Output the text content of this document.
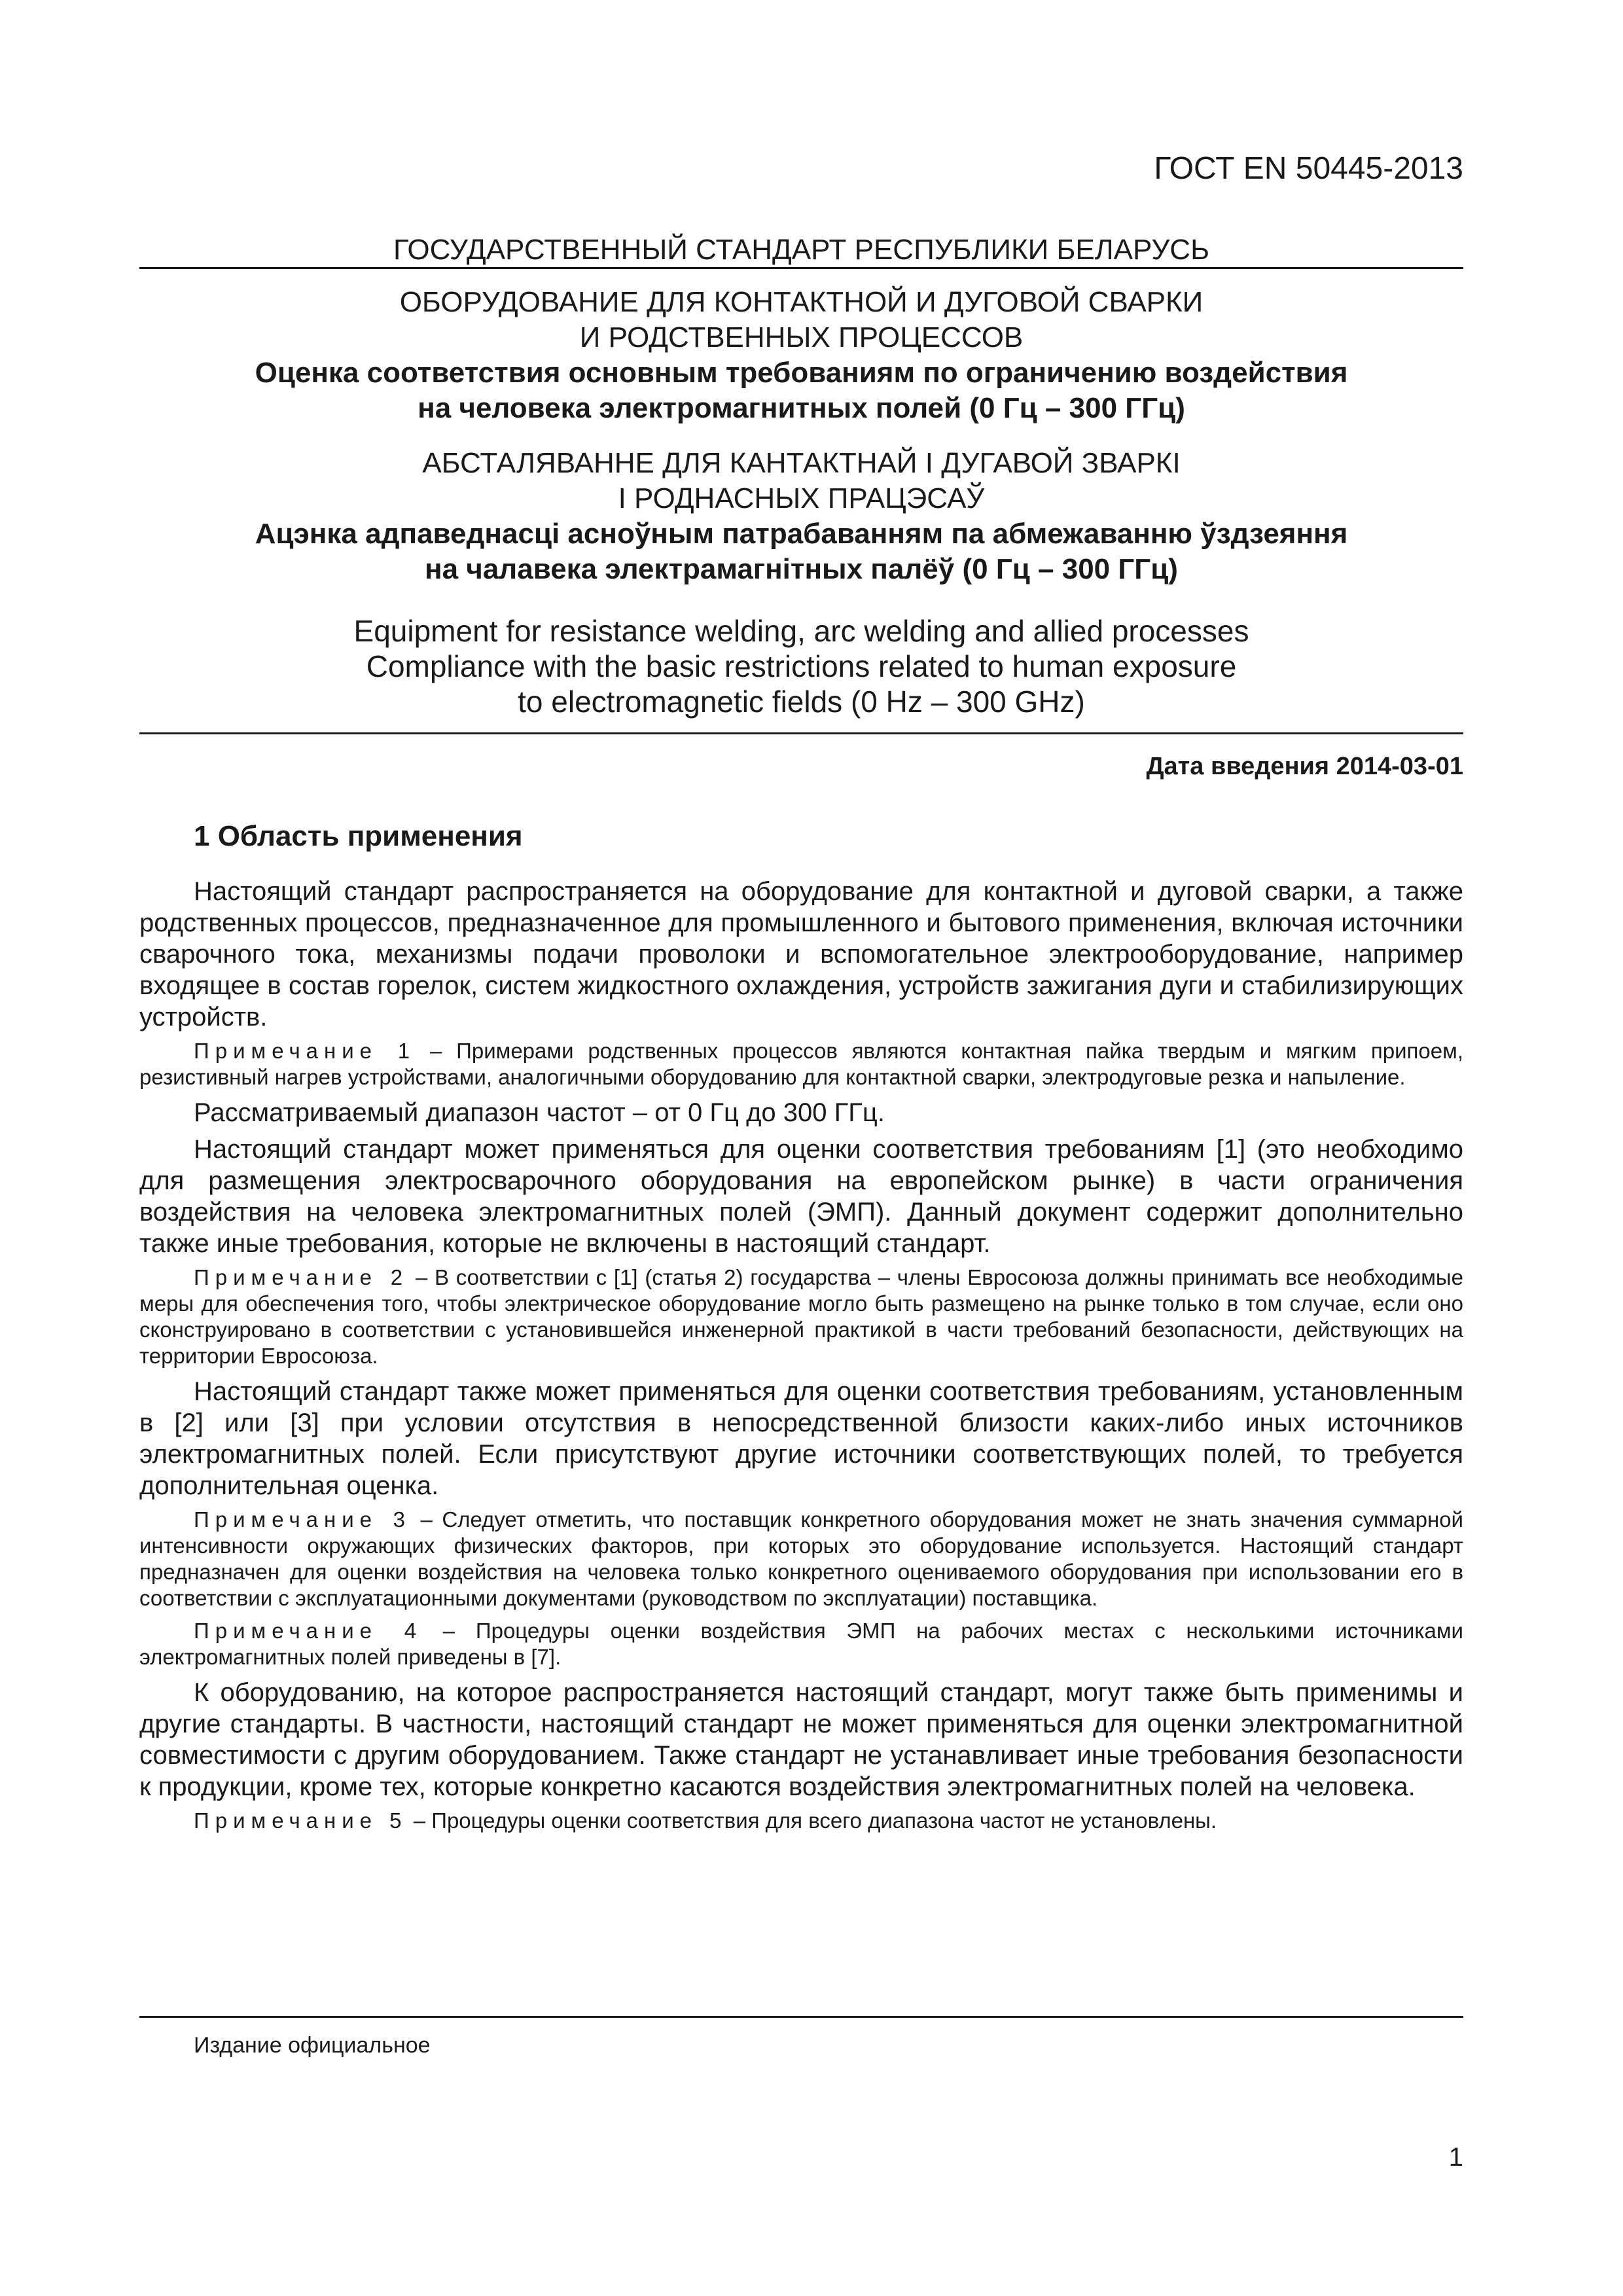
ГОСТ EN 50445-2013
ГОСУДАРСТВЕННЫЙ СТАНДАРТ РЕСПУБЛИКИ БЕЛАРУСЬ
ОБОРУДОВАНИЕ ДЛЯ КОНТАКТНОЙ И ДУГОВОЙ СВАРКИ
И РОДСТВЕННЫХ ПРОЦЕССОВ
Оценка соответствия основным требованиям по ограничению воздействия
на человека электромагнитных полей (0 Гц – 300 ГГц)
АБСТАЛЯВАННЕ ДЛЯ КАНТАКТНАЙ І ДУГАВОЙ ЗВАРКІ
І РОДНАСНЫХ ПРАЦЭСАЎ
Ацэнка адпаведнасці асноўным патрабаванням па абмежаванню ўздзеяння
на чалавека электрамагнітных палёў (0 Гц – 300 ГГц)
Equipment for resistance welding, arc welding and allied processes
Compliance with the basic restrictions related to human exposure
to electromagnetic fields (0 Hz – 300 GHz)
Дата введения 2014-03-01
1 Область применения

Настоящий стандарт распространяется на оборудование для контактной и дуговой сварки, а также родственных процессов, предназначенное для промышленного и бытового применения, включая источники сварочного тока, механизмы подачи проволоки и вспомогательное электрооборудование, например входящее в состав горелок, систем жидкостного охлаждения, устройств зажигания дуги и стабилизирующих устройств.

Примечание 1 – Примерами родственных процессов являются контактная пайка твердым и мягким припоем, резистивный нагрев устройствами, аналогичными оборудованию для контактной сварки, электродуговые резка и напыление.

Рассматриваемый диапазон частот – от 0 Гц до 300 ГГц.

Настоящий стандарт может применяться для оценки соответствия требованиям [1] (это необходимо для размещения электросварочного оборудования на европейском рынке) в части ограничения воздействия на человека электромагнитных полей (ЭМП). Данный документ содержит дополнительно также иные требования, которые не включены в настоящий стандарт.

Примечание 2 – В соответствии с [1] (статья 2) государства – члены Евросоюза должны принимать все необходимые меры для обеспечения того, чтобы электрическое оборудование могло быть размещено на рынке только в том случае, если оно сконструировано в соответствии с установившейся инженерной практикой в части требований безопасности, действующих на территории Евросоюза.

Настоящий стандарт также может применяться для оценки соответствия требованиям, установленным в [2] или [3] при условии отсутствия в непосредственной близости каких-либо иных источников электромагнитных полей. Если присутствуют другие источники соответствующих полей, то требуется дополнительная оценка.

Примечание 3 – Следует отметить, что поставщик конкретного оборудования может не знать значения суммарной интенсивности окружающих физических факторов, при которых это оборудование используется. Настоящий стандарт предназначен для оценки воздействия на человека только конкретного оцениваемого оборудования при использовании его в соответствии с эксплуатационными документами (руководством по эксплуатации) поставщика.

Примечание 4 – Процедуры оценки воздействия ЭМП на рабочих местах с несколькими источниками электромагнитных полей приведены в [7].

К оборудованию, на которое распространяется настоящий стандарт, могут также быть применимы и другие стандарты. В частности, настоящий стандарт не может применяться для оценки электромагнитной совместимости с другим оборудованием. Также стандарт не устанавливает иные требования безопасности к продукции, кроме тех, которые конкретно касаются воздействия электромагнитных полей на человека.

Примечание 5 – Процедуры оценки соответствия для всего диапазона частот не установлены.

Издание официальное
1
